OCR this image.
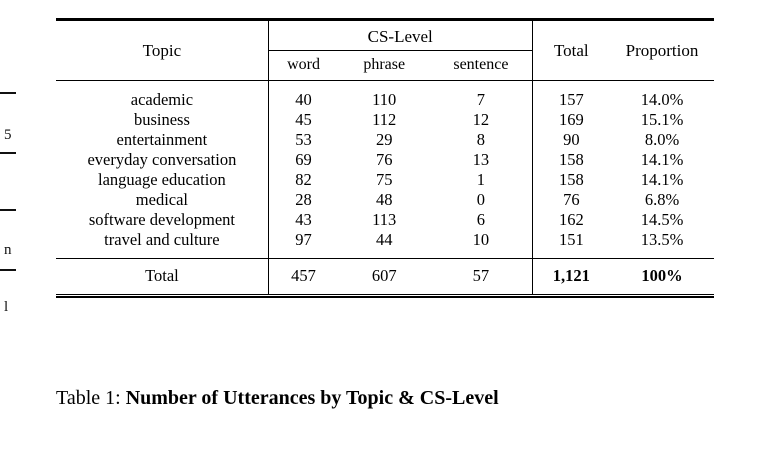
5
n
l
Topic	CS-Level			Total	Proportion
	word	phrase	sentence		

academic	40	110	7	157	14.0%
business	45	112	12	169	15.1%
entertainment	53	29	8	90	8.0%
everyday conversation	69	76	13	158	14.1%
language education	82	75	1	158	14.1%
medical	28	48	0	76	6.8%
software development	43	113	6	162	14.5%
travel and culture	97	44	10	151	13.5%

Total	457	607	57	1,121	100%
Table 1: Number of Utterances by Topic & CS-Level
